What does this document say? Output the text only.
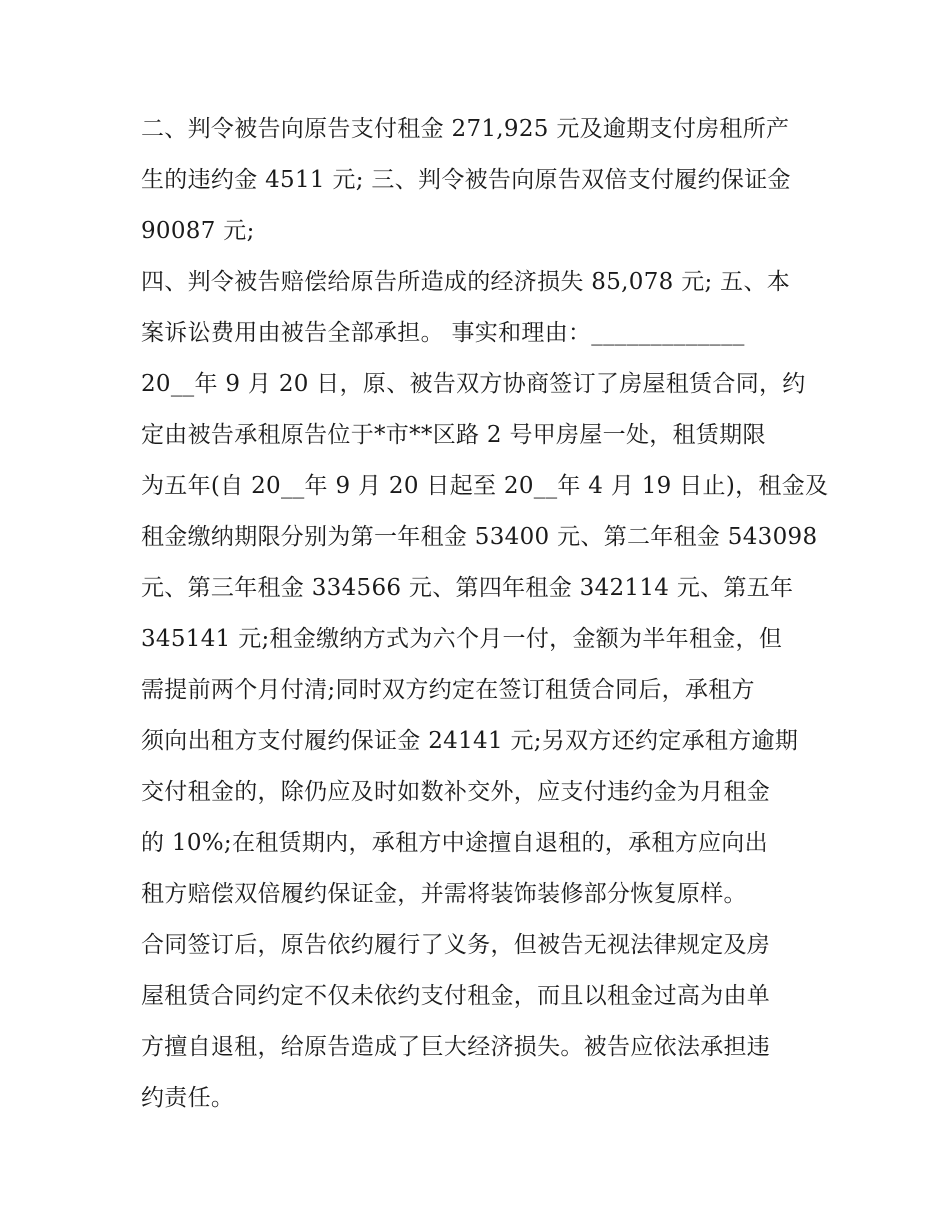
二、判令被告向原告支付租金 271,925 元及逾期支付房租所产
生的违约金 4511 元; 三、判令被告向原告双倍支付履约保证金
90087 元;
四、判令被告赔偿给原告所造成的经济损失 85,078 元; 五、本
案诉讼费用由被告全部承担。 事实和理由：_____________
20__年 9 月 20 日，原、被告双方协商签订了房屋租赁合同，约
定由被告承租原告位于*市**区路 2 号甲房屋一处，租赁期限
为五年(自 20__年 9 月 20 日起至 20__年 4 月 19 日止)，租金及
租金缴纳期限分别为第一年租金 53400 元、第二年租金 543098
元、第三年租金 334566 元、第四年租金 342114 元、第五年
345141 元;租金缴纳方式为六个月一付，金额为半年租金，但
需提前两个月付清;同时双方约定在签订租赁合同后，承租方
须向出租方支付履约保证金 24141 元;另双方还约定承租方逾期
交付租金的，除仍应及时如数补交外，应支付违约金为月租金
的 10%;在租赁期内，承租方中途擅自退租的，承租方应向出
租方赔偿双倍履约保证金，并需将装饰装修部分恢复原样。
合同签订后，原告依约履行了义务，但被告无视法律规定及房
屋租赁合同约定不仅未依约支付租金，而且以租金过高为由单
方擅自退租，给原告造成了巨大经济损失。被告应依法承担违
约责任。
